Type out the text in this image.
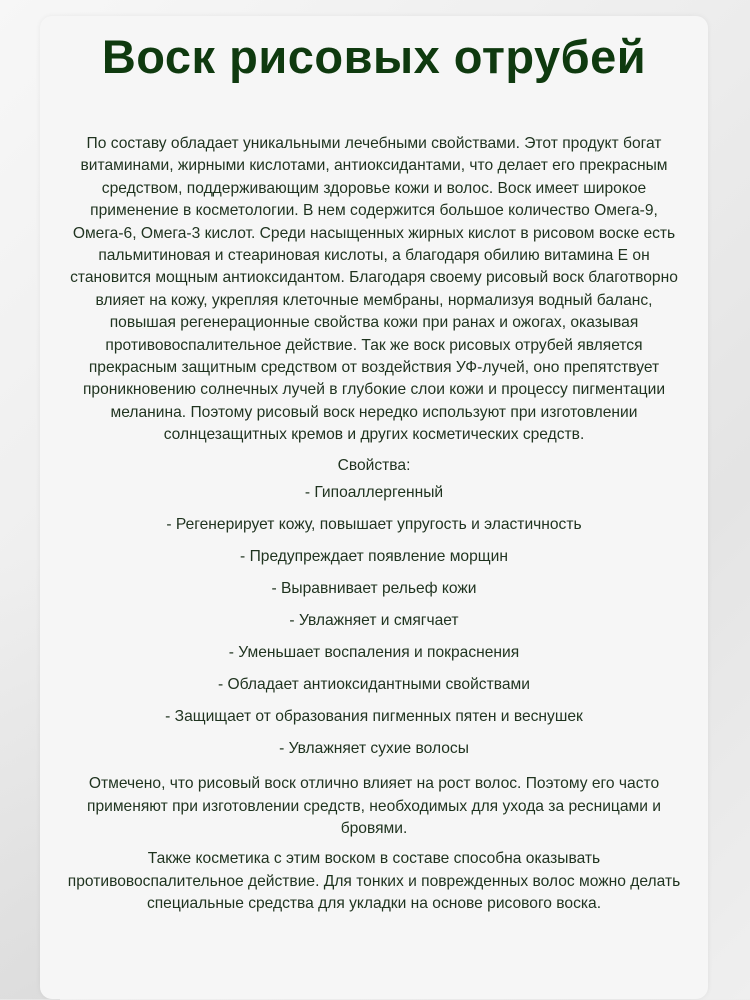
Воск рисовых отрубей

По составу обладает уникальными лечебными свойствами. Этот продукт богат витаминами, жирными кислотами, антиоксидантами, что делает его прекрасным средством, поддерживающим здоровье кожи и волос. Воск имеет широкое применение в косметологии. В нем содержится большое количество Омега-9, Омега-6, Омега-3 кислот. Среди насыщенных жирных кислот в рисовом воске есть пальмитиновая и стеариновая кислоты, а благодаря обилию витамина Е он становится мощным антиоксидантом. Благодаря своему рисовый воск благотворно влияет на кожу, укрепляя клеточные мембраны, нормализуя водный баланс, повышая регенерационные свойства кожи при ранах и ожогах, оказывая противовоспалительное действие. Так же воск рисовых отрубей является прекрасным защитным средством от воздействия УФ-лучей, оно препятствует проникновению солнечных лучей в глубокие слои кожи и процессу пигментации меланина. Поэтому рисовый воск нередко используют при изготовлении солнцезащитных кремов и других косметических средств.

Свойства:

- Гипоаллергенный
- Регенерирует кожу, повышает упругость и эластичность
- Предупреждает появление морщин
- Выравнивает рельеф кожи
- Увлажняет и смягчает
- Уменьшает воспаления и покраснения
- Обладает антиоксидантными свойствами
- Защищает от образования пигменных пятен и веснушек
- Увлажняет сухие волосы

Отмечено, что рисовый воск отлично влияет на рост волос. Поэтому его часто применяют при изготовлении средств, необходимых для ухода за ресницами и бровями.

Также косметика с этим воском в составе способна оказывать противовоспалительное действие. Для тонких и поврежденных волос можно делать специальные средства для укладки на основе рисового воска.
